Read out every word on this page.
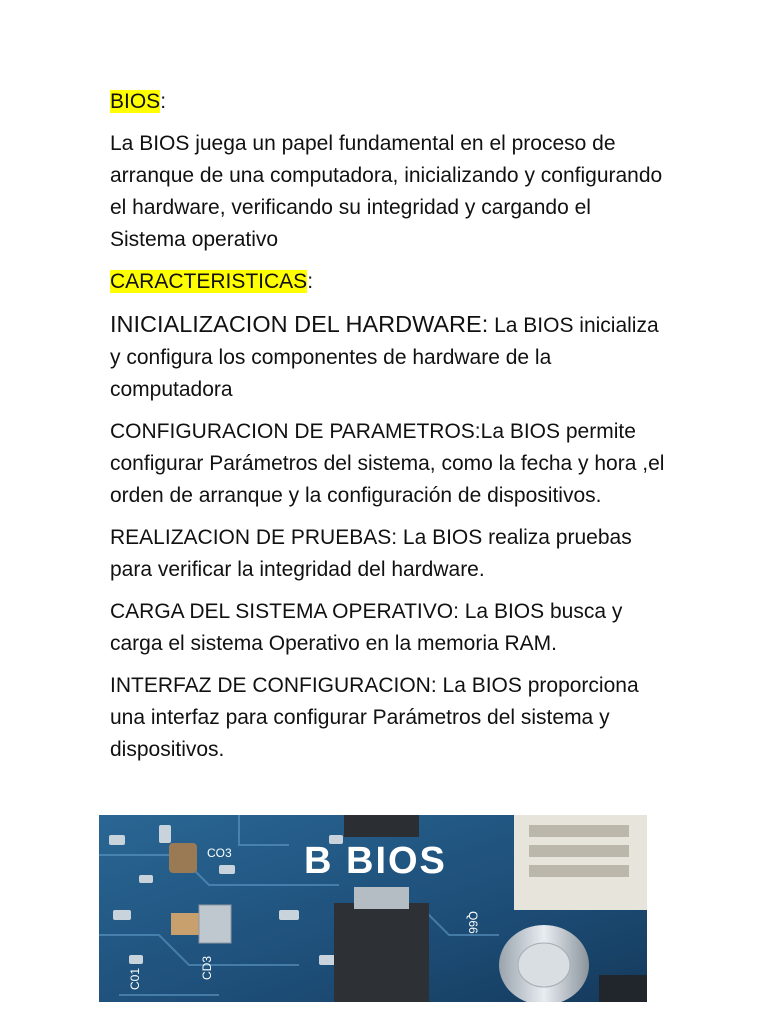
BIOS:

La BIOS juega un papel fundamental en el proceso de arranque de una computadora, inicializando y configurando el hardware, verificando su integridad y cargando el Sistema operativo

CARACTERISTICAS:

INICIALIZACION DEL HARDWARE: La BIOS inicializa y configura los componentes de hardware de la computadora

CONFIGURACION DE PARAMETROS:La BIOS permite configurar Parámetros del sistema, como la fecha y hora ,el orden de arranque y la configuración de dispositivos.

REALIZACION DE PRUEBAS: La BIOS realiza pruebas para verificar la integridad del hardware.

CARGA DEL SISTEMA OPERATIVO: La BIOS busca y carga el sistema Operativo en la memoria RAM.

INTERFAZ DE CONFIGURACION: La BIOS proporciona una interfaz para configurar Parámetros del sistema y dispositivos.

B BIOS
CO3
Q66
CD3
C01
